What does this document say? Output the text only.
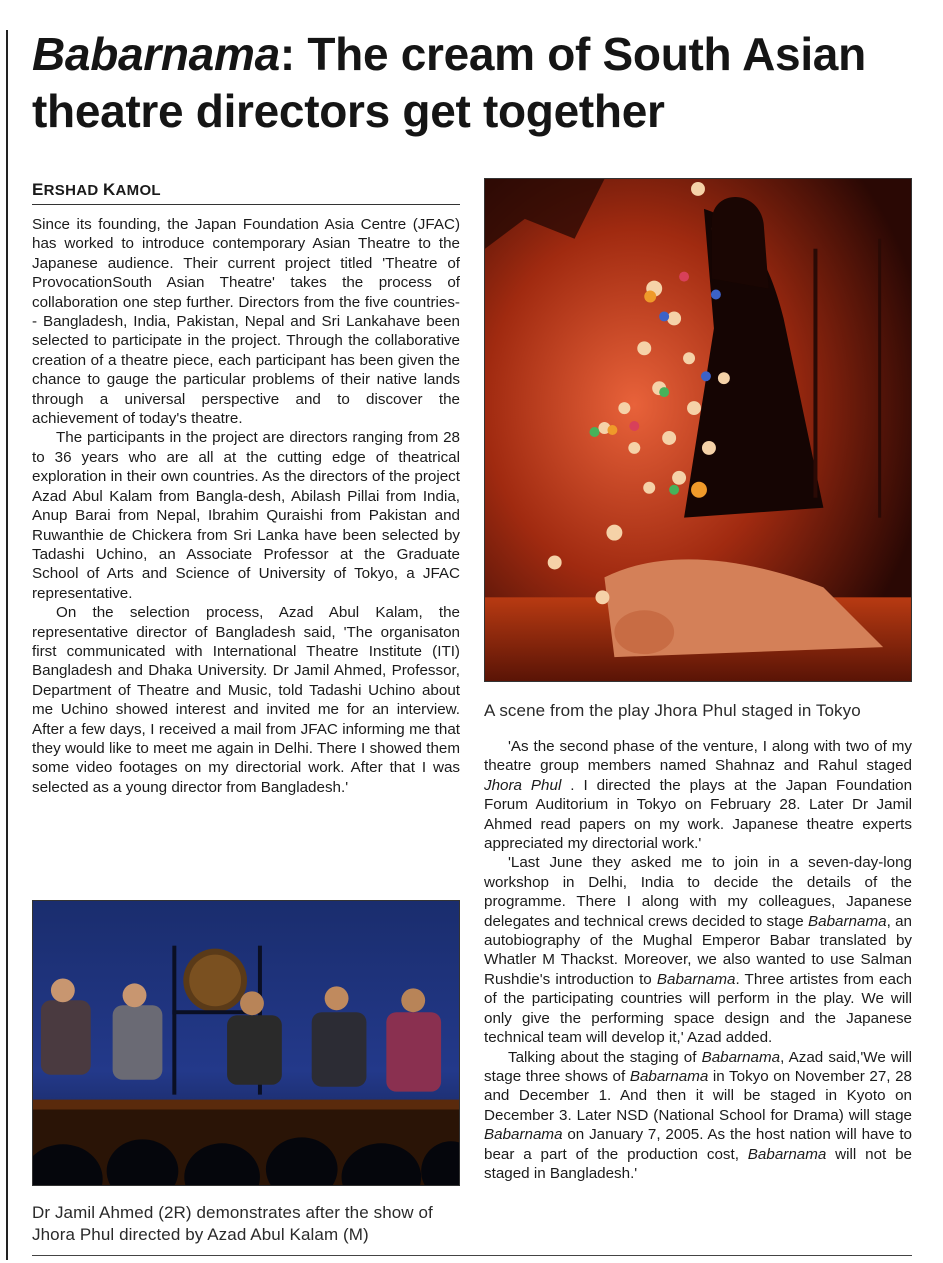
Babarnama: The cream of South Asian theatre directors get together
ERSHAD KAMOL

Since its founding, the Japan Foundation Asia Centre (JFAC) has worked to introduce contemporary Asian Theatre to the Japanese audience. Their current project titled 'Theatre of ProvocationSouth Asian Theatre' takes the process of collaboration one step further. Directors from the five countries-- Bangladesh, India, Pakistan, Nepal and Sri Lankahave been selected to participate in the project. Through the collaborative creation of a theatre piece, each participant has been given the chance to gauge the particular problems of their native lands through a universal perspective and to discover the achievement of today's theatre.

The participants in the project are directors ranging from 28 to 36 years who are all at the cutting edge of theatrical exploration in their own countries. As the directors of the project Azad Abul Kalam from Bangla-desh, Abilash Pillai from India, Anup Barai from Nepal, Ibrahim Quraishi from Pakistan and Ruwanthie de Chickera from Sri Lanka have been selected by Tadashi Uchino, an Associate Professor at the Graduate School of Arts and Science of University of Tokyo, a JFAC representative.

On the selection process, Azad Abul Kalam, the representative director of Bangladesh said, 'The organisaton first communicated with International Theatre Institute (ITI) Bangladesh and Dhaka University. Dr Jamil Ahmed, Professor, Department of Theatre and Music, told Tadashi Uchino about me Uchino showed interest and invited me for an interview. After a few days, I received a mail from JFAC informing me that they would like to meet me again in Delhi. There I showed them some video footages on my directorial work. After that I was selected as a young director from Bangladesh.'

A scene from the play Jhora Phul staged in Tokyo

'As the second phase of the venture, I along with two of my theatre group members named Shahnaz and Rahul staged Jhora Phul . I directed the plays at the Japan Foundation Forum Auditorium in Tokyo on February 28. Later Dr Jamil Ahmed read papers on my work. Japanese theatre experts appreciated my directorial work.'

'Last June they asked me to join in a seven-day-long workshop in Delhi, India to decide the details of the programme. There I along with my colleagues, Japanese delegates and technical crews decided to stage Babarnama, an autobiography of the Mughal Emperor Babar translated by Whatler M Thackst. Moreover, we also wanted to use Salman Rushdie's introduction to Babarnama. Three artistes from each of the participating countries will perform in the play. We will only give the performing space design and the Japanese technical team will develop it,' Azad added.

Talking about the staging of Babarnama, Azad said,'We will stage three shows of Babarnama in Tokyo on November 27, 28 and December 1. And then it will be staged in Kyoto on December 3. Later NSD (National School for Drama) will stage Babarnama on January 7, 2005. As the host nation will have to bear a part of the production cost, Babarnama will not be staged in Bangladesh.'

Dr Jamil Ahmed (2R) demonstrates after the show of Jhora Phul directed by Azad Abul Kalam (M)
